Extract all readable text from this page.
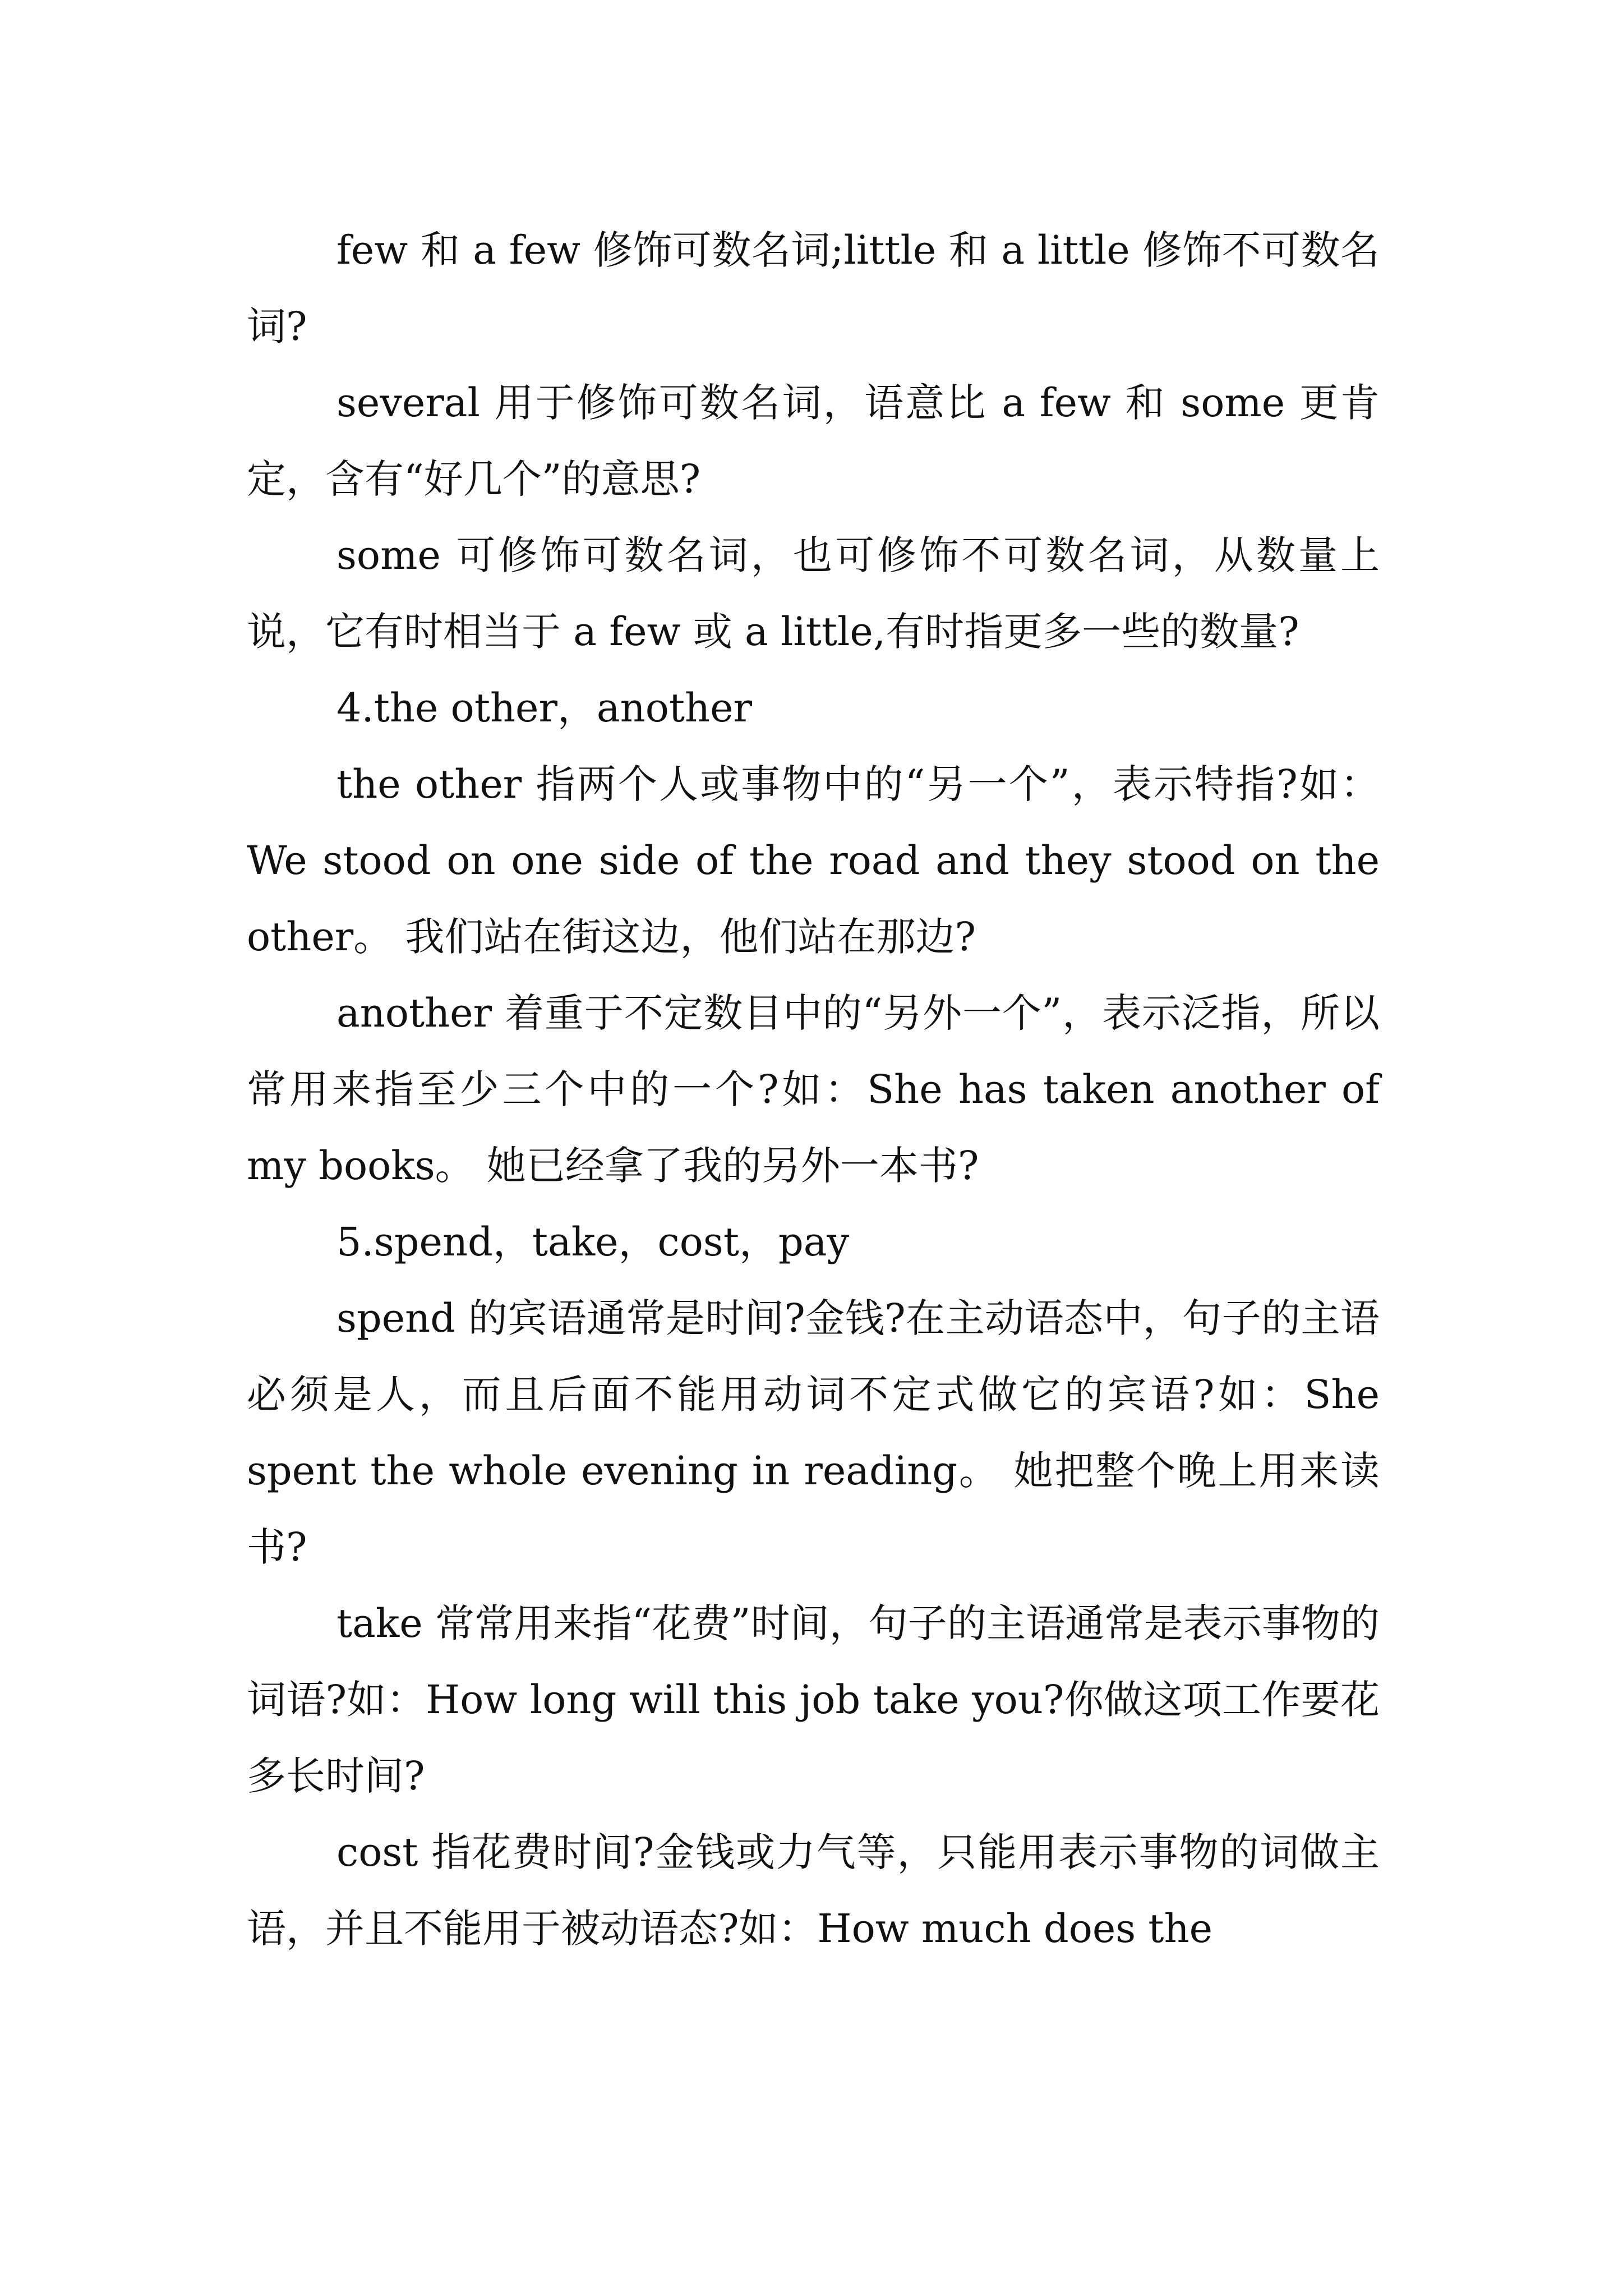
few 和 a few 修饰可数名词;little 和 a little 修饰不可数名词?

several 用于修饰可数名词，语意比 a few 和 some 更肯定，含有“好几个”的意思?

some 可修饰可数名词，也可修饰不可数名词，从数量上说，它有时相当于 a few 或 a little,有时指更多一些的数量?

4.the other，another

the other 指两个人或事物中的“另一个”，表示特指?如：We stood on one side of the road and they stood on the other。 我们站在街这边，他们站在那边?

another 着重于不定数目中的“另外一个”，表示泛指，所以常用来指至少三个中的一个?如：She has taken another of my books。 她已经拿了我的另外一本书?

5.spend，take，cost，pay

spend 的宾语通常是时间?金钱?在主动语态中，句子的主语必须是人，而且后面不能用动词不定式做它的宾语?如：She spent the whole evening in reading。 她把整个晚上用来读书?

take 常常用来指“花费”时间，句子的主语通常是表示事物的词语?如：How long will this job take you?你做这项工作要花多长时间?

cost 指花费时间?金钱或力气等，只能用表示事物的词做主语，并且不能用于被动语态?如：How much does the
